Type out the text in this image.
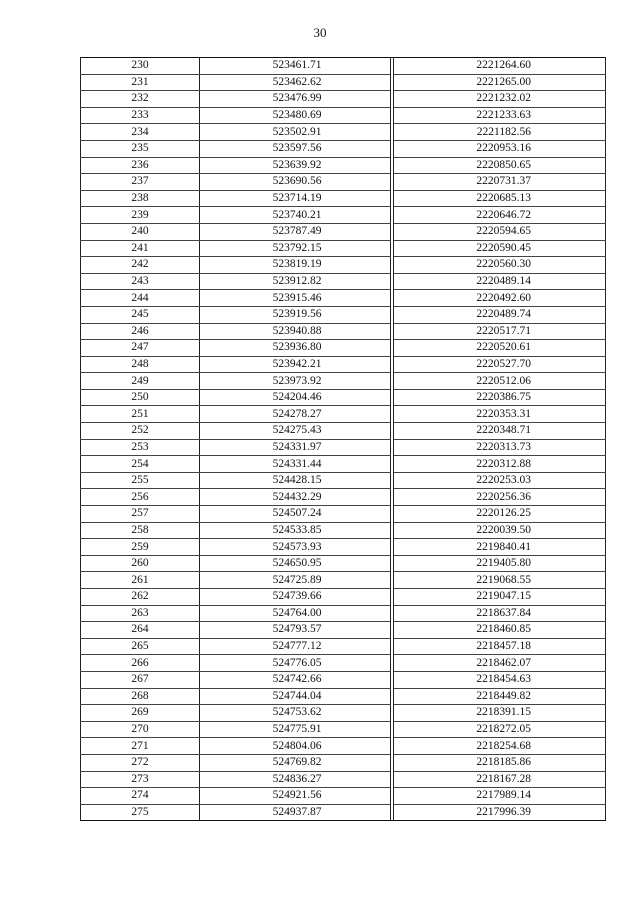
30
230	523461.71		2221264.60
231	523462.62		2221265.00
232	523476.99		2221232.02
233	523480.69		2221233.63
234	523502.91		2221182.56
235	523597.56		2220953.16
236	523639.92		2220850.65
237	523690.56		2220731.37
238	523714.19		2220685.13
239	523740.21		2220646.72
240	523787.49		2220594.65
241	523792.15		2220590.45
242	523819.19		2220560.30
243	523912.82		2220489.14
244	523915.46		2220492.60
245	523919.56		2220489.74
246	523940.88		2220517.71
247	523936.80		2220520.61
248	523942.21		2220527.70
249	523973.92		2220512.06
250	524204.46		2220386.75
251	524278.27		2220353.31
252	524275.43		2220348.71
253	524331.97		2220313.73
254	524331.44		2220312.88
255	524428.15		2220253.03
256	524432.29		2220256.36
257	524507.24		2220126.25
258	524533.85		2220039.50
259	524573.93		2219840.41
260	524650.95		2219405.80
261	524725.89		2219068.55
262	524739.66		2219047.15
263	524764.00		2218637.84
264	524793.57		2218460.85
265	524777.12		2218457.18
266	524776.05		2218462.07
267	524742.66		2218454.63
268	524744.04		2218449.82
269	524753.62		2218391.15
270	524775.91		2218272.05
271	524804.06		2218254.68
272	524769.82		2218185.86
273	524836.27		2218167.28
274	524921.56		2217989.14
275	524937.87		2217996.39
